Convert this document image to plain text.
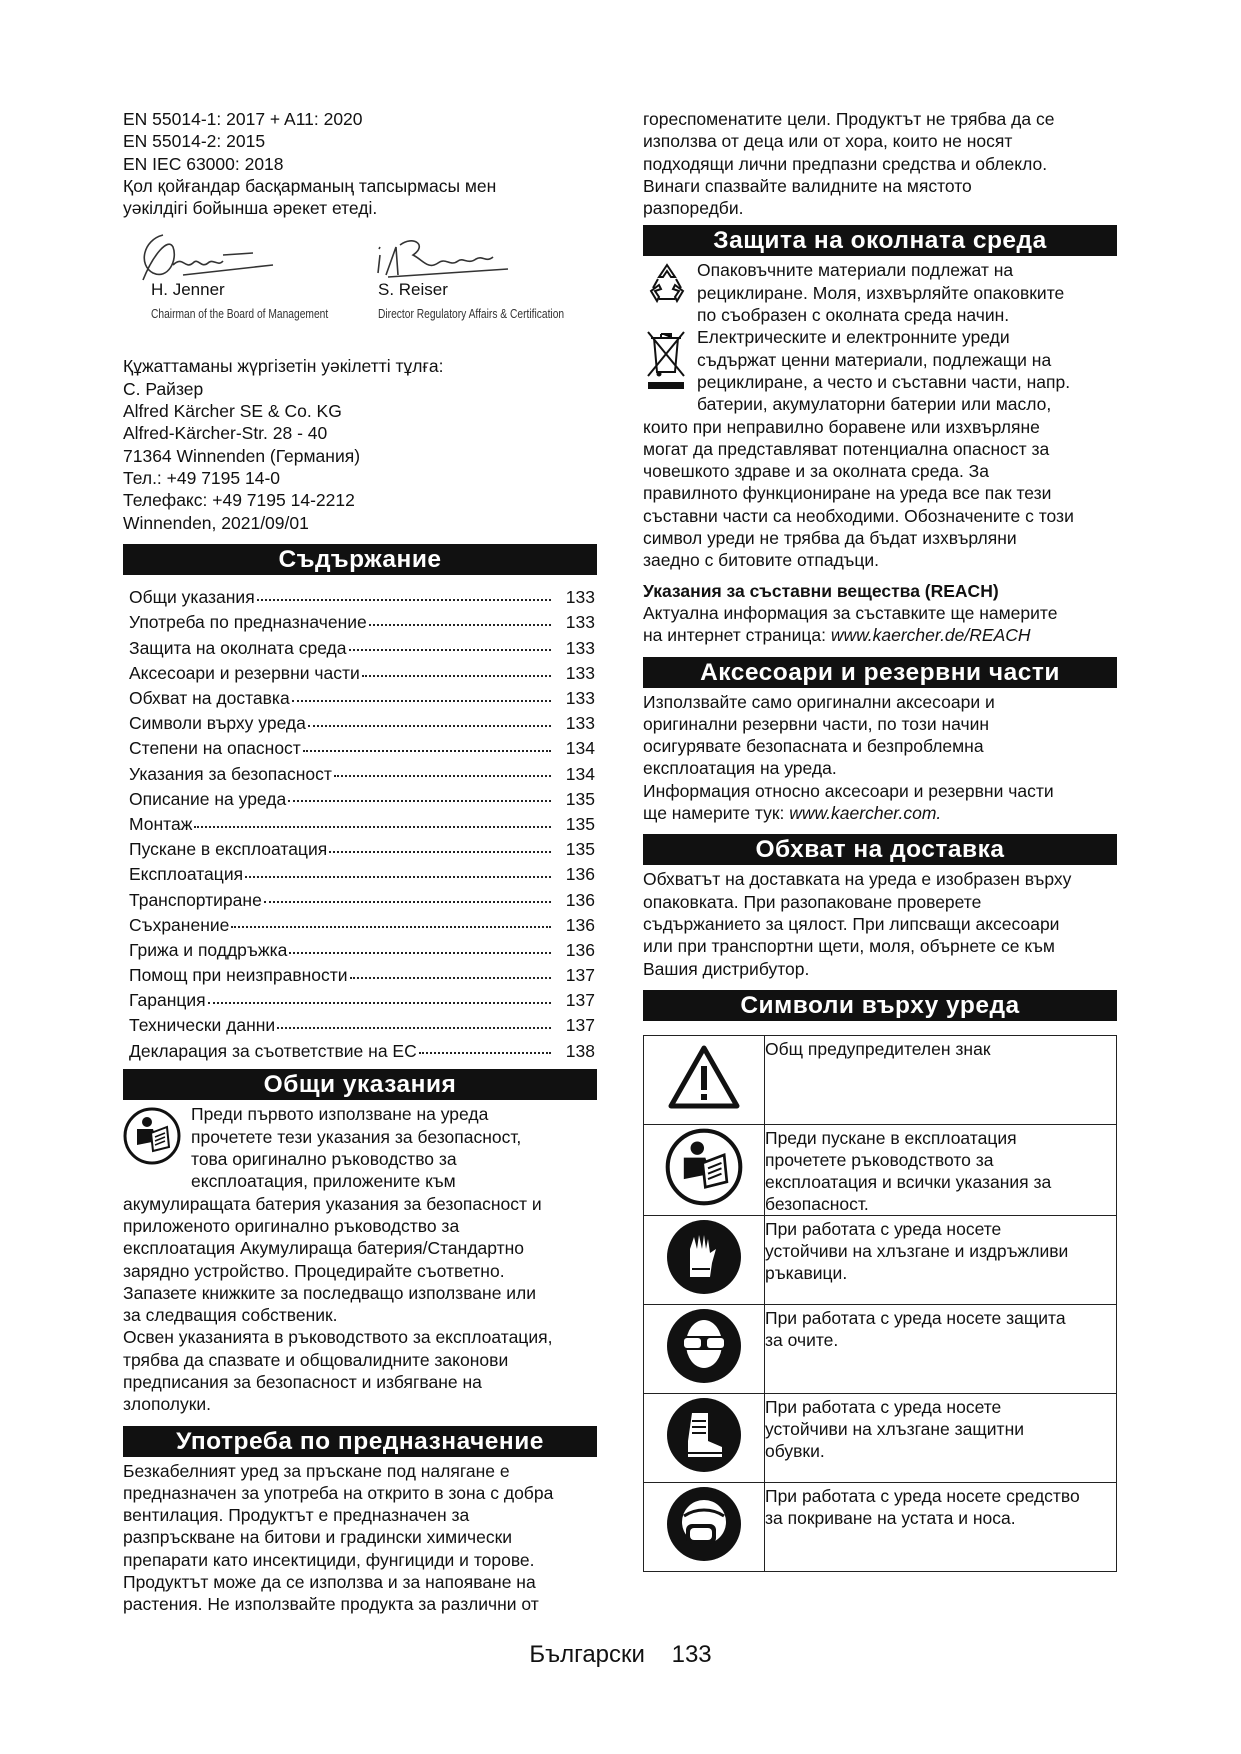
EN 55014-1: 2017 + A11: 2020
EN 55014-2: 2015
EN IEC 63000: 2018
Қол қойғандар басқарманың тапсырмасы мен
уәкілдігі бойынша әрекет етеді.

H. Jenner
Chairman of the Board of Management
S. Reiser
Director Regulatory Affairs & Certification

Құжаттаманы жүргізетін уәкілетті тұлға:
С. Райзер
Alfred Kärcher SE & Co. KG
Alfred-Kärcher-Str. 28 - 40
71364 Winnenden (Германия)
Тел.: +49 7195 14-0
Телефакс: +49 7195 14-2212
Winnenden, 2021/09/01

Съдържание
Общи указания	133
Употреба по предназначение	133
Защита на околната среда	133
Аксесоари и резервни части	133
Обхват на доставка	133
Символи върху уреда	133
Степени на опасност	134
Указания за безопасност	134
Описание на уреда	135
Монтаж	135
Пускане в експлоатация	135
Експлоатация	136
Транспортиране	136
Съхранение	136
Грижа и поддръжка	136
Помощ при неизправности	137
Гаранция	137
Технически данни	137
Декларация за съответствие на ЕС	138
Общи указания

Преди първото използване на уреда
прочетете тези указания за безопасност,
това оригинално ръководство за
експлоатация, приложените към

акумулиращата батерия указания за безопасност и
приложеното оригинално ръководство за
експлоатация Акумулираща батерия/Стандартно
зарядно устройство. Процедирайте съответно.
Запазете книжките за последващо използване или
за следващия собственик.
Освен указанията в ръководството за експлоатация,
трябва да спазвате и общовалидните законови
предписания за безопасност и избягване на
злополуки.

Употреба по предназначение

Безкабелният уред за пръскане под налягане е
предназначен за употреба на открито в зона с добра
вентилация. Продуктът е предназначен за
разпръскване на битови и градински химически
препарати като инсектициди, фунгициди и торове.
Продуктът може да се използва и за напояване на
растения. Не използвайте продукта за различни от

гореспоменатите цели. Продуктът не трябва да се
използва от деца или от хора, които не носят
подходящи лични предпазни средства и облекло.
Винаги спазвайте валидните на мястото
разпоредби.

Защита на околната среда

Опаковъчните материали подлежат на
рециклиране. Моля, изхвърляйте опаковките
по съобразен с околната среда начин.

Електрическите и електронните уреди
съдържат ценни материали, подлежащи на
рециклиране, а често и съставни части, напр.
батерии, акумулаторни батерии или масло,

които при неправилно боравене или изхвърляне
могат да представляват потенциална опасност за
човешкото здраве и за околната среда. За
правилното функциониране на уреда все пак тези
съставни части са необходими. Обозначените с този
символ уреди не трябва да бъдат изхвърляни
заедно с битовите отпадъци.

Указания за съставни вещества (REACH)

Актуална информация за съставките ще намерите
на интернет страница: www.kaercher.de/REACH

Аксесоари и резервни части

Използвайте само оригинални аксесоари и
оригинални резервни части, по този начин
осигурявате безопасната и безпроблемна
експлоатация на уреда.
Информация относно аксесоари и резервни части
ще намерите тук: www.kaercher.com.

Обхват на доставка

Обхватът на доставката на уреда е изобразен върху
опаковката. При разопаковане проверете
съдържанието за цялост. При липсващи аксесоари
или при транспортни щети, моля, обърнете се към
Вашия дистрибутор.

Символи върху уреда
	Общ предупредителен знак
	Преди пускане в експлоатация
прочетете ръководството за
експлоатация и всички указания за
безопасност.
	При работата с уреда носете
устойчиви на хлъзгане и издръжливи
ръкавици.
	При работата с уреда носете защита
за очите.
	При работата с уреда носете
устойчиви на хлъзгане защитни
обувки.
	При работата с уреда носете средство
за покриване на устата и носа.
Български 133
